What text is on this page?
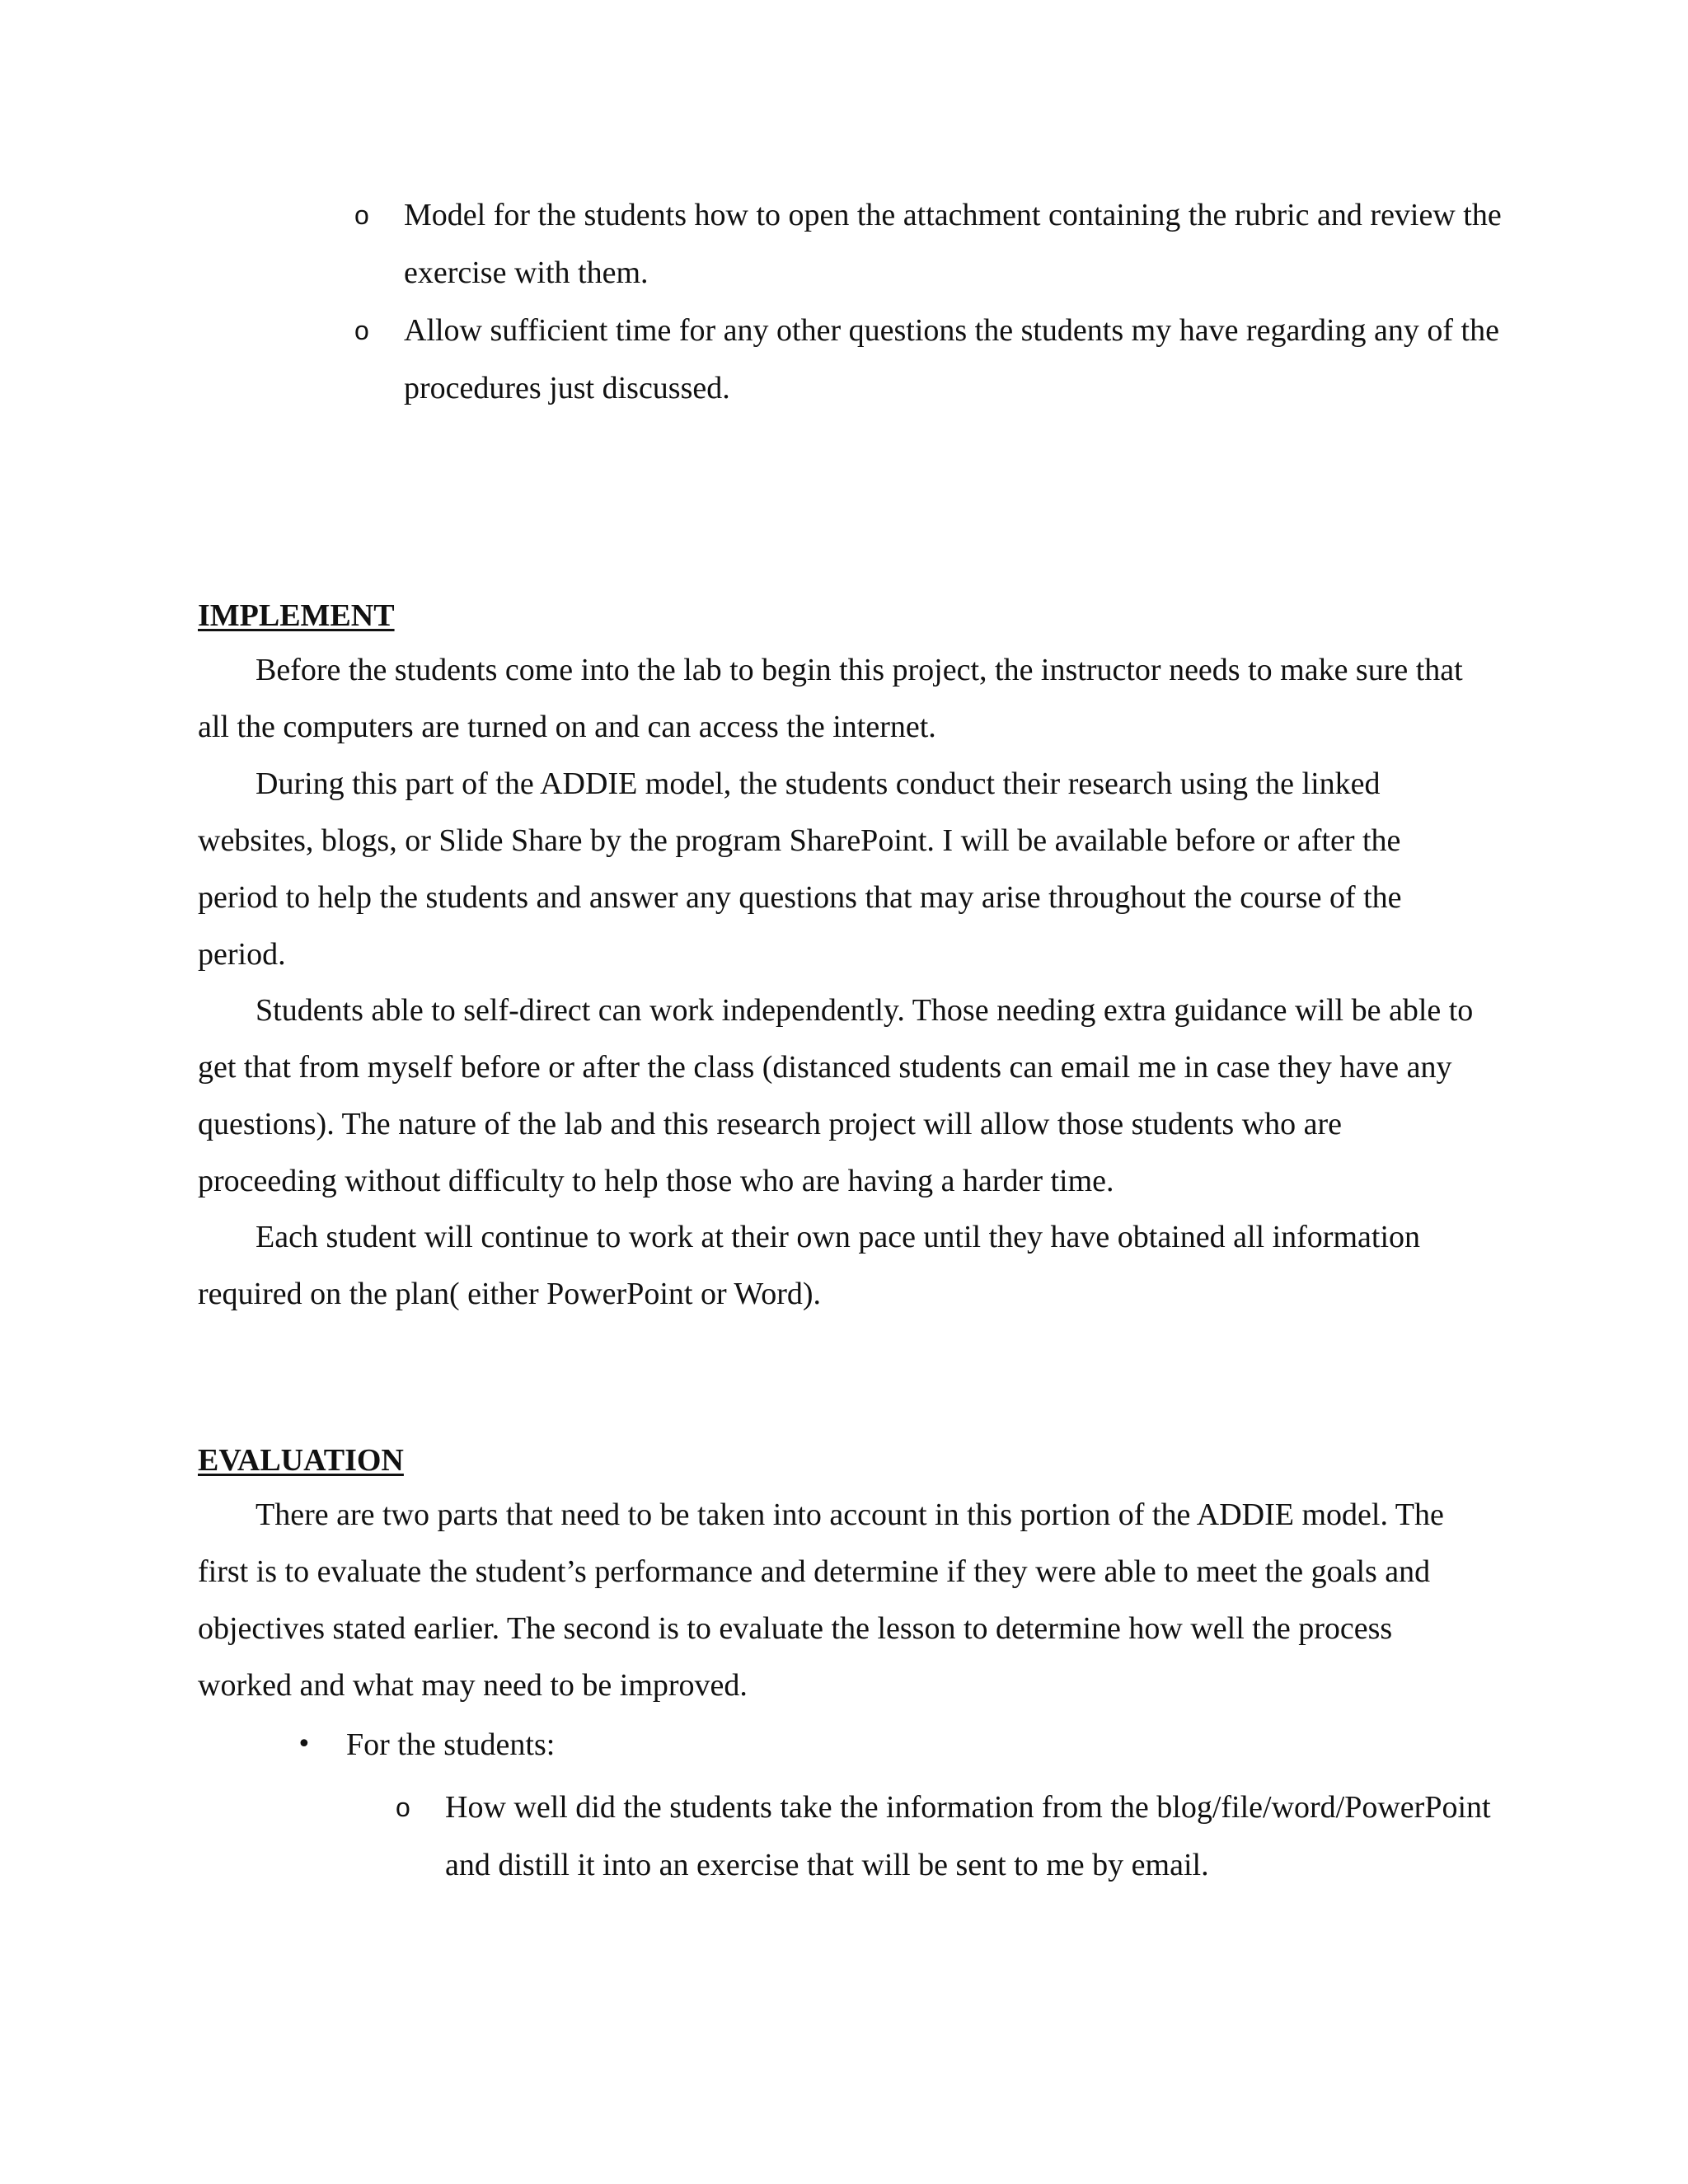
o Model for the students how to open the attachment containing the rubric and review the exercise with them.
o Allow sufficient time for any other questions the students my have regarding any of the procedures just discussed.
IMPLEMENT

Before the students come into the lab to begin this project, the instructor needs to make sure that all the computers are turned on and can access the internet.

During this part of the ADDIE model, the students conduct their research using the linked websites, blogs, or Slide Share by the program SharePoint. I will be available before or after the period to help the students and answer any questions that may arise throughout the course of the period.

Students able to self-direct can work independently. Those needing extra guidance will be able to get that from myself before or after the class (distanced students can email me in case they have any questions). The nature of the lab and this research project will allow those students who are proceeding without difficulty to help those who are having a harder time.

Each student will continue to work at their own pace until they have obtained all information required on the plan( either PowerPoint or Word).

EVALUATION

There are two parts that need to be taken into account in this portion of the ADDIE model. The first is to evaluate the student’s performance and determine if they were able to meet the goals and objectives stated earlier. The second is to evaluate the lesson to determine how well the process worked and what may need to be improved.

• For the students:
o How well did the students take the information from the blog/file/word/PowerPoint and distill it into an exercise that will be sent to me by email.
